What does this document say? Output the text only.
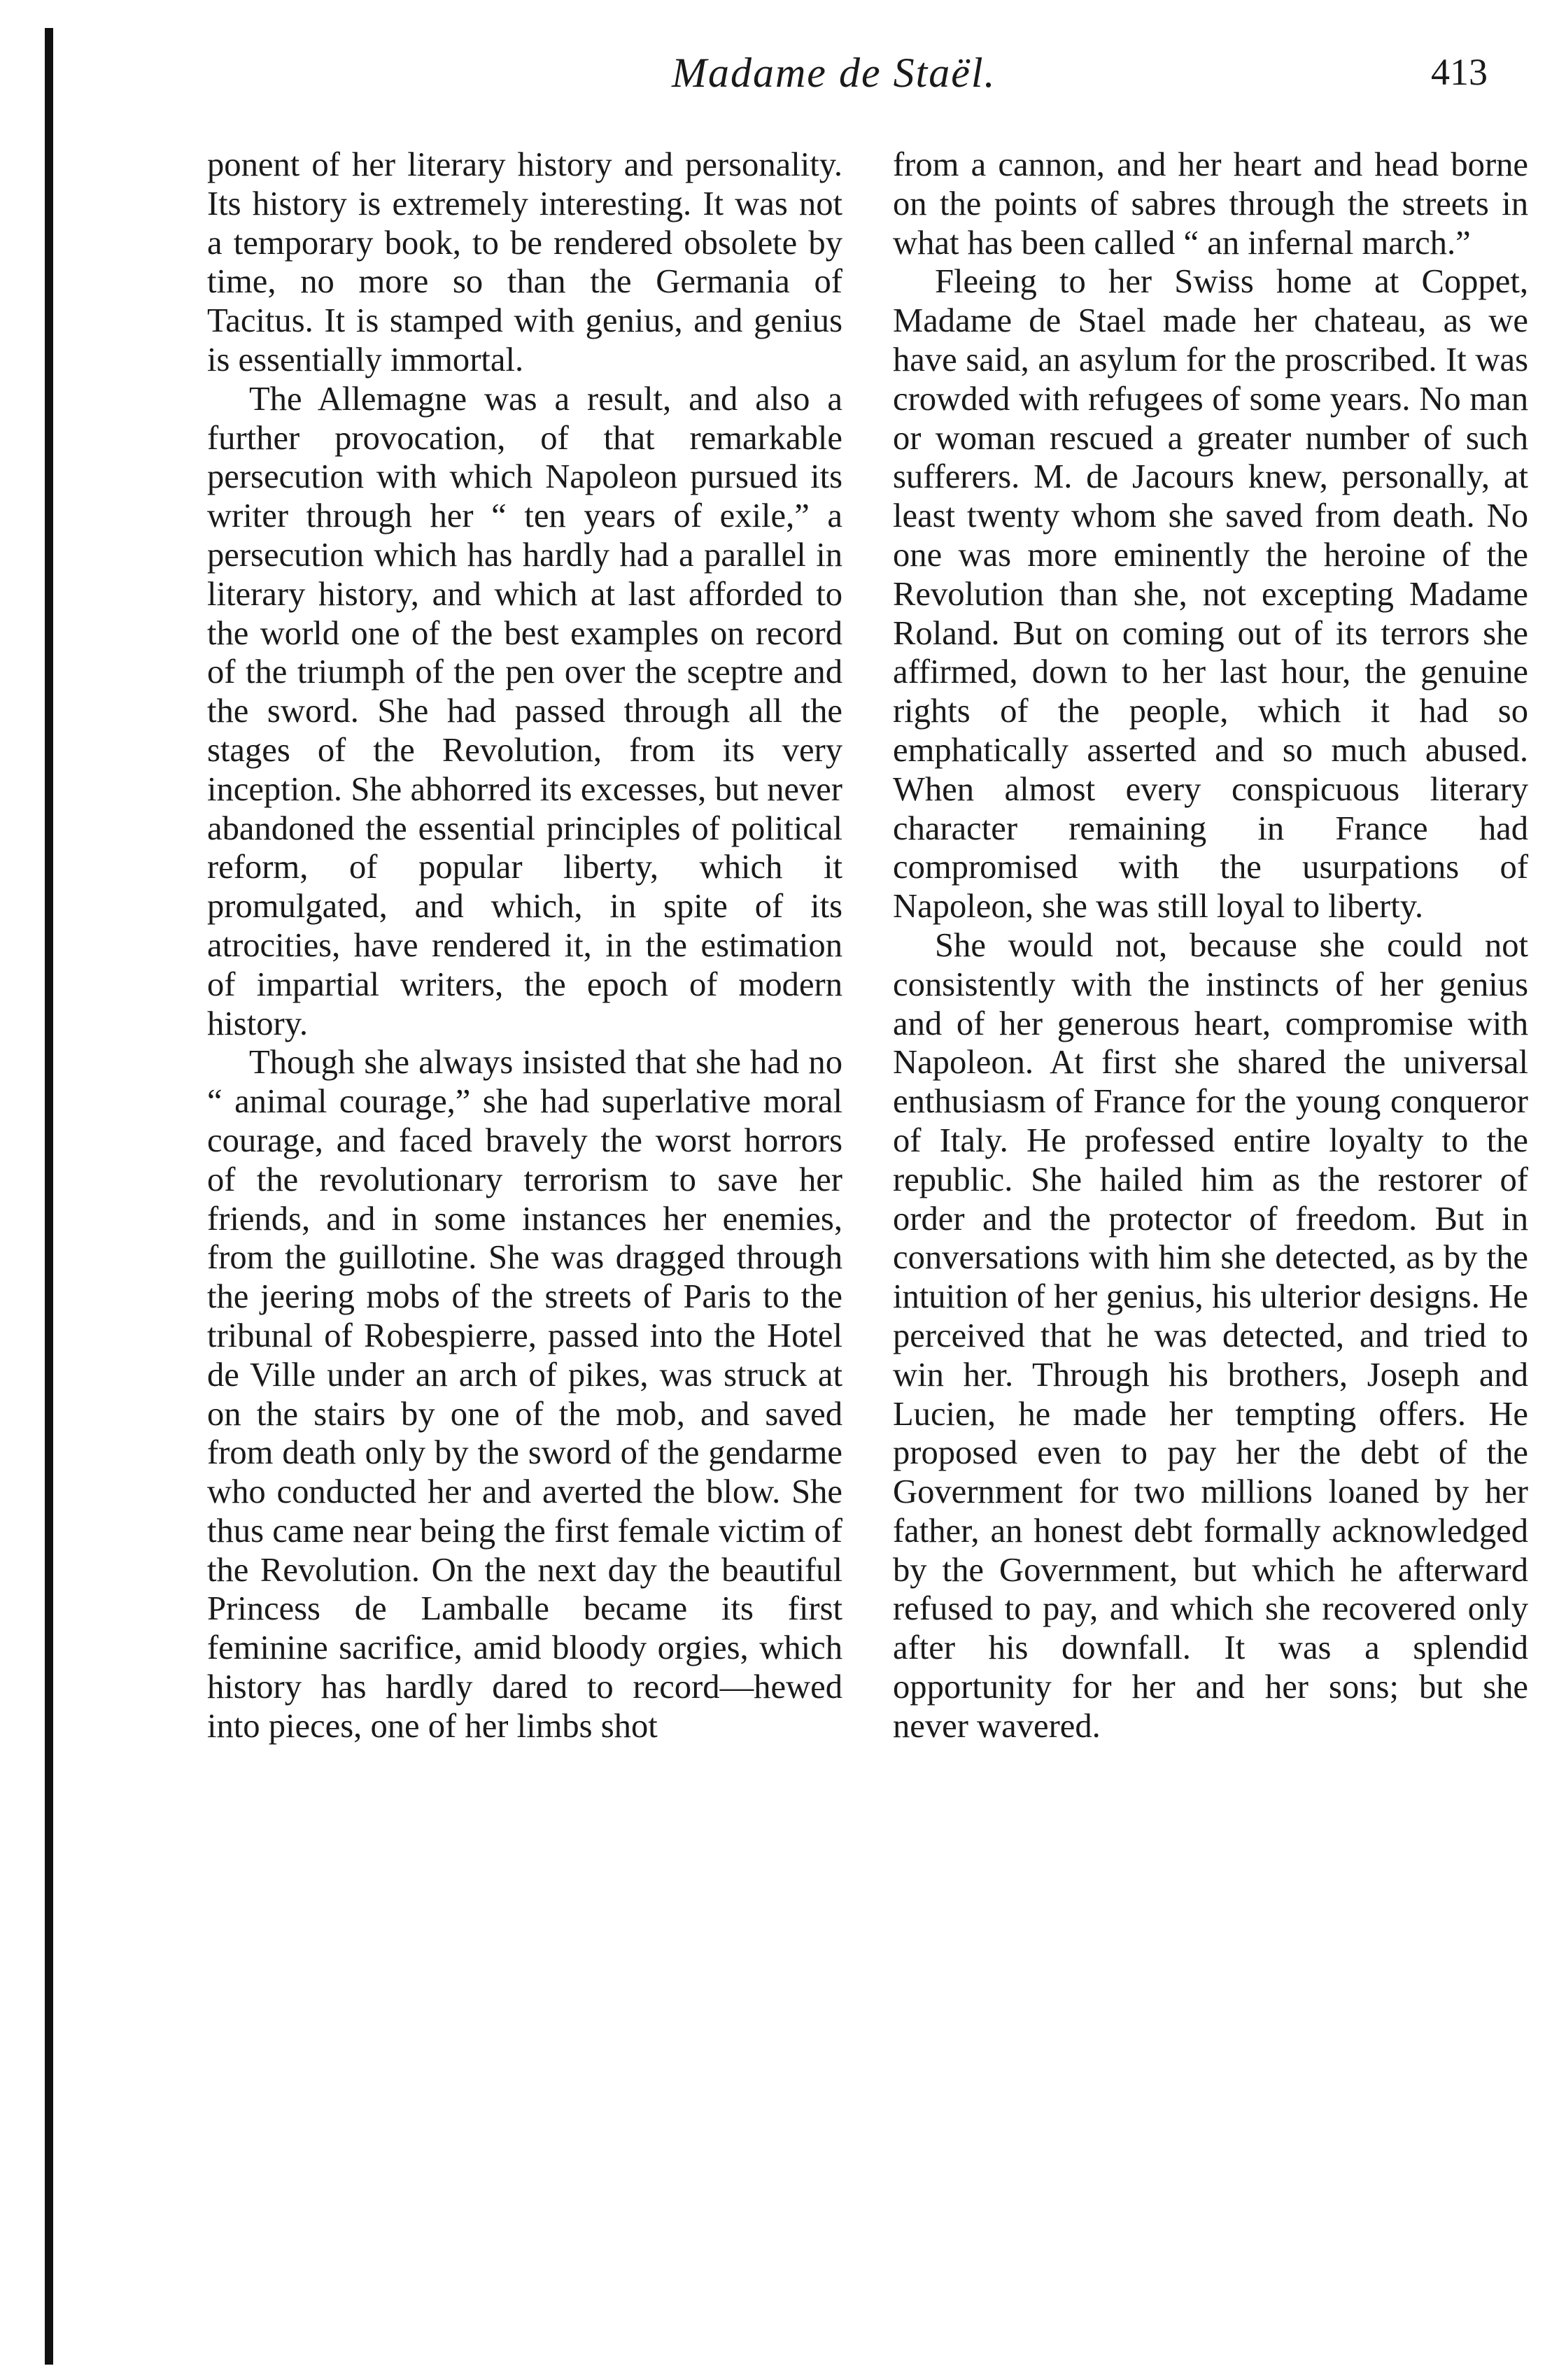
Madame de Staël.	413

ponent of her literary history and personality. Its history is extremely interesting. It was not a temporary book, to be rendered obsolete by time, no more so than the Germania of Tacitus. It is stamped with genius, and genius is essentially immortal.

The Allemagne was a result, and also a further provocation, of that remarkable persecution with which Napoleon pursued its writer through her “ ten years of exile,” a persecution which has hardly had a parallel in literary history, and which at last afforded to the world one of the best examples on record of the triumph of the pen over the sceptre and the sword. She had passed through all the stages of the Revolution, from its very inception. She abhorred its excesses, but never abandoned the essential principles of political reform, of popular liberty, which it promulgated, and which, in spite of its atrocities, have rendered it, in the estimation of impartial writers, the epoch of modern history.

Though she always insisted that she had no “ animal courage,” she had superlative moral courage, and faced bravely the worst horrors of the revolutionary terrorism to save her friends, and in some instances her enemies, from the guillotine. She was dragged through the jeering mobs of the streets of Paris to the tribunal of Robespierre, passed into the Hotel de Ville under an arch of pikes, was struck at on the stairs by one of the mob, and saved from death only by the sword of the gendarme who conducted her and averted the blow. She thus came near being the first female victim of the Revolution. On the next day the beautiful Princess de Lamballe became its first feminine sacrifice, amid bloody orgies, which history has hardly dared to record—hewed into pieces, one of her limbs shot

from a cannon, and her heart and head borne on the points of sabres through the streets in what has been called “ an infernal march.”

Fleeing to her Swiss home at Coppet, Madame de Stael made her chateau, as we have said, an asylum for the proscribed. It was crowded with refugees of some years. No man or woman rescued a greater number of such sufferers. M. de Jacours knew, personally, at least twenty whom she saved from death. No one was more eminently the heroine of the Revolution than she, not excepting Madame Roland. But on coming out of its terrors she affirmed, down to her last hour, the genuine rights of the people, which it had so emphatically asserted and so much abused. When almost every conspicuous literary character remaining in France had compromised with the usurpations of Napoleon, she was still loyal to liberty.

She would not, because she could not consistently with the instincts of her genius and of her generous heart, compromise with Napoleon. At first she shared the universal enthusiasm of France for the young conqueror of Italy. He professed entire loyalty to the republic. She hailed him as the restorer of order and the protector of freedom. But in conversations with him she detected, as by the intuition of her genius, his ulterior designs. He perceived that he was detected, and tried to win her. Through his brothers, Joseph and Lucien, he made her tempting offers. He proposed even to pay her the debt of the Government for two millions loaned by her father, an honest debt formally acknowledged by the Government, but which he afterward refused to pay, and which she recovered only after his downfall. It was a splendid opportunity for her and her sons; but she never wavered.
